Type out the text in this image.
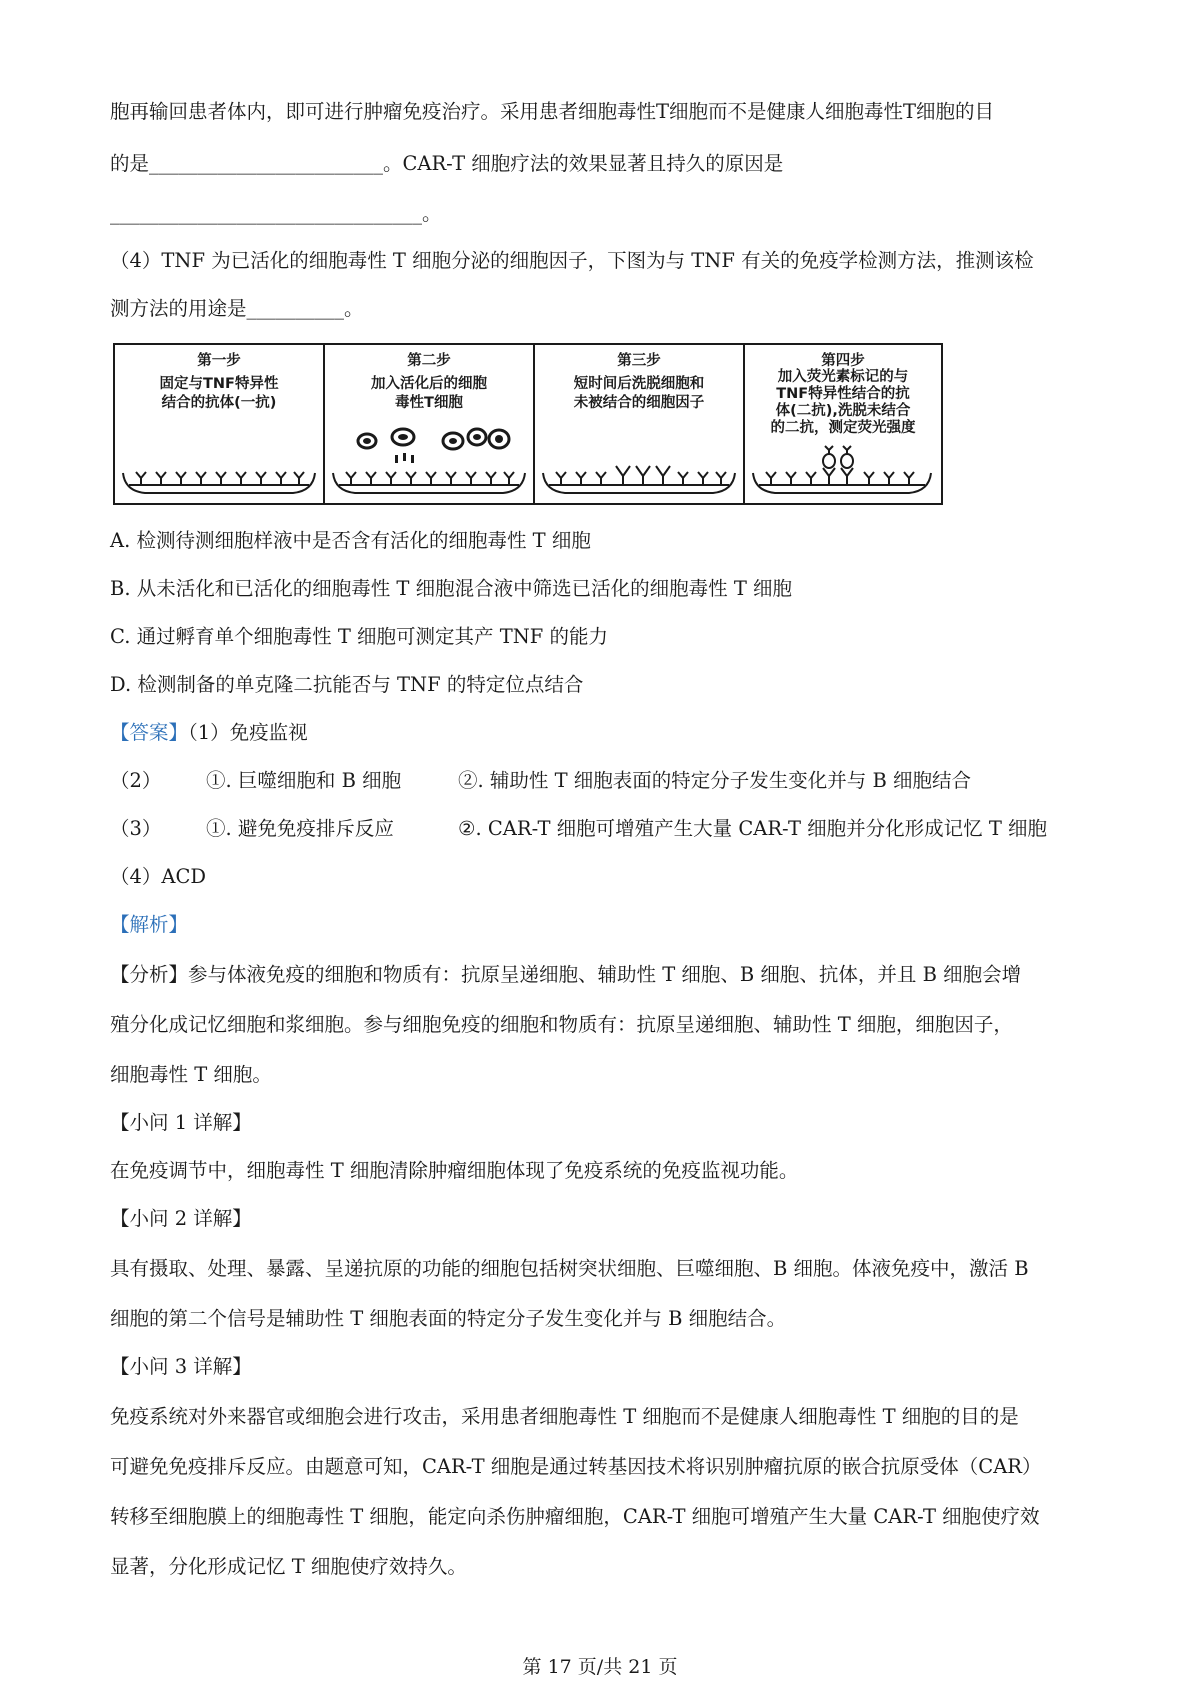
胞再输回患者体内，即可进行肿瘤免疫治疗。采用患者细胞毒性T细胞而不是健康人细胞毒性T细胞的目
的是________________________。CAR-T 细胞疗法的效果显著且持久的原因是
________________________________。
（4）TNF 为已活化的细胞毒性 T 细胞分泌的细胞因子，下图为与 TNF 有关的免疫学检测方法，推测该检
测方法的用途是__________。
第一步
固定与TNF特异性
结合的抗体(一抗)
第二步
加入活化后的细胞
毒性T细胞
第三步
短时间后洗脱细胞和
未被结合的细胞因子
第四步
加入荧光素标记的与
TNF特异性结合的抗
体(二抗),洗脱未结合
的二抗，测定荧光强度
A. 检测待测细胞样液中是否含有活化的细胞毒性 T 细胞
B. 从未活化和已活化的细胞毒性 T 细胞混合液中筛选已活化的细胞毒性 T 细胞
C. 通过孵育单个细胞毒性 T 细胞可测定其产 TNF 的能力
D. 检测制备的单克隆二抗能否与 TNF 的特定位点结合
【答案】（1）免疫监视
（2） ①. 巨噬细胞和 B 细胞	②. 辅助性 T 细胞表面的特定分子发生变化并与 B 细胞结合
（3） ①. 避免免疫排斥反应	②. CAR-T 细胞可增殖产生大量 CAR-T 细胞并分化形成记忆 T 细胞
（4）ACD
【解析】
【分析】参与体液免疫的细胞和物质有：抗原呈递细胞、辅助性 T 细胞、B 细胞、抗体，并且 B 细胞会增
殖分化成记忆细胞和浆细胞。参与细胞免疫的细胞和物质有：抗原呈递细胞、辅助性 T 细胞，细胞因子，
细胞毒性 T 细胞。
【小问 1 详解】
在免疫调节中，细胞毒性 T 细胞清除肿瘤细胞体现了免疫系统的免疫监视功能。
【小问 2 详解】
具有摄取、处理、暴露、呈递抗原的功能的细胞包括树突状细胞、巨噬细胞、B 细胞。体液免疫中，激活 B
细胞的第二个信号是辅助性 T 细胞表面的特定分子发生变化并与 B 细胞结合。
【小问 3 详解】
免疫系统对外来器官或细胞会进行攻击，采用患者细胞毒性 T 细胞而不是健康人细胞毒性 T 细胞的目的是
可避免免疫排斥反应。由题意可知，CAR-T 细胞是通过转基因技术将识别肿瘤抗原的嵌合抗原受体（CAR）
转移至细胞膜上的细胞毒性 T 细胞，能定向杀伤肿瘤细胞，CAR-T 细胞可增殖产生大量 CAR-T 细胞使疗效
显著，分化形成记忆 T 细胞使疗效持久。
第 17 页/共 21 页
